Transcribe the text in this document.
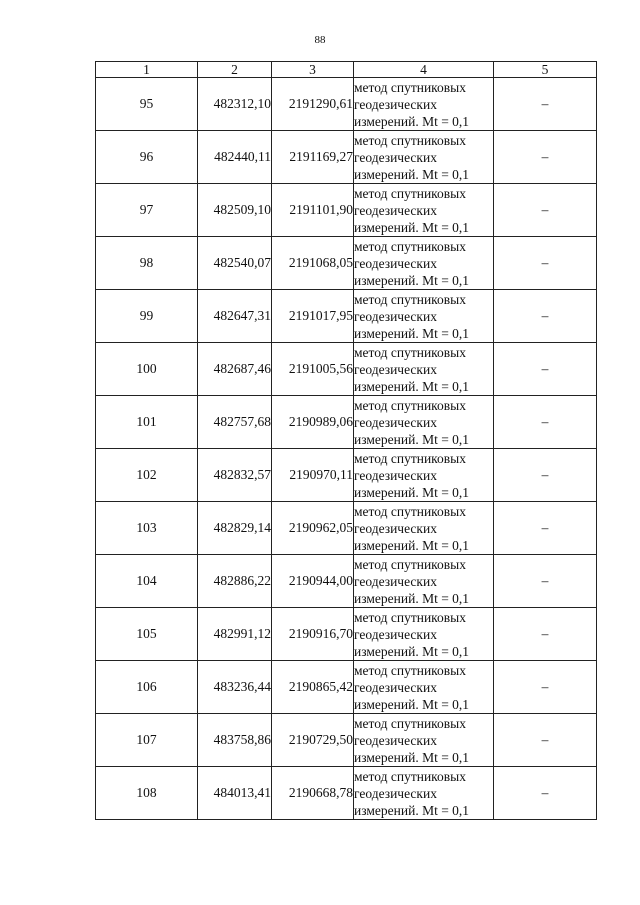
88
1	2	3	4	5
95	482312,10	2191290,61	метод спутниковых
геодезических
измерений. Mt = 0,1	–
96	482440,11	2191169,27	метод спутниковых
геодезических
измерений. Mt = 0,1	–
97	482509,10	2191101,90	метод спутниковых
геодезических
измерений. Mt = 0,1	–
98	482540,07	2191068,05	метод спутниковых
геодезических
измерений. Mt = 0,1	–
99	482647,31	2191017,95	метод спутниковых
геодезических
измерений. Mt = 0,1	–
100	482687,46	2191005,56	метод спутниковых
геодезических
измерений. Mt = 0,1	–
101	482757,68	2190989,06	метод спутниковых
геодезических
измерений. Mt = 0,1	–
102	482832,57	2190970,11	метод спутниковых
геодезических
измерений. Mt = 0,1	–
103	482829,14	2190962,05	метод спутниковых
геодезических
измерений. Mt = 0,1	–
104	482886,22	2190944,00	метод спутниковых
геодезических
измерений. Mt = 0,1	–
105	482991,12	2190916,70	метод спутниковых
геодезических
измерений. Mt = 0,1	–
106	483236,44	2190865,42	метод спутниковых
геодезических
измерений. Mt = 0,1	–
107	483758,86	2190729,50	метод спутниковых
геодезических
измерений. Mt = 0,1	–
108	484013,41	2190668,78	метод спутниковых
геодезических
измерений. Mt = 0,1	–
